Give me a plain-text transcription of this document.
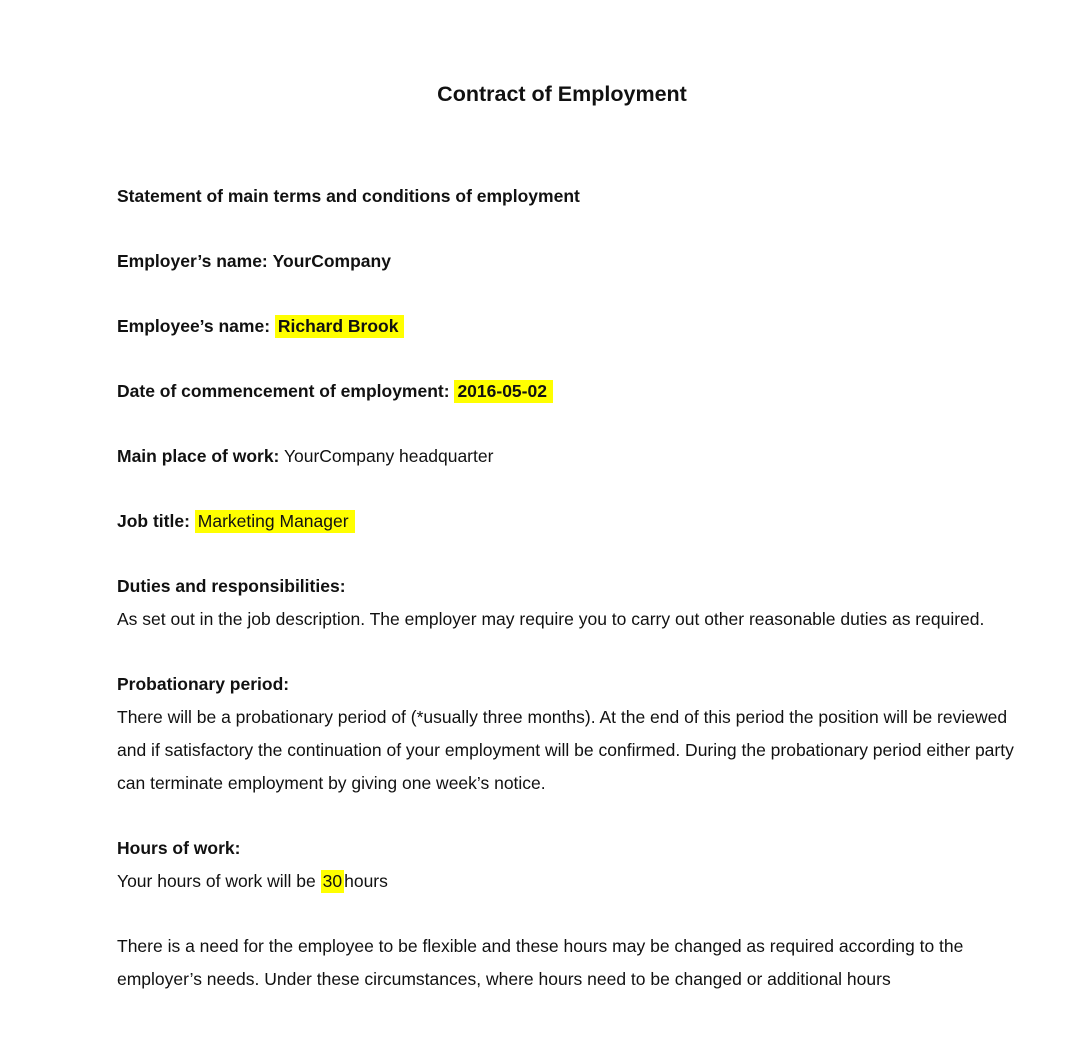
Contract of Employment

Statement of main terms and conditions of employment

Employer’s name: YourCompany

Employee’s name: Richard Brook

Date of commencement of employment: 2016-05-02

Main place of work: YourCompany headquarter

Job title: Marketing Manager

Duties and responsibilities:
As set out in the job description. The employer may require you to carry out other reasonable duties as required.

Probationary period:
There will be a probationary period of (*usually three months). At the end of this period the position will be reviewed and if satisfactory the continuation of your employment will be confirmed. During the probationary period either party can terminate employment by giving one week’s notice.

Hours of work:
Your hours of work will be 30 hours

There is a need for the employee to be flexible and these hours may be changed as required according to the employer’s needs. Under these circumstances, where hours need to be changed or additional hours
